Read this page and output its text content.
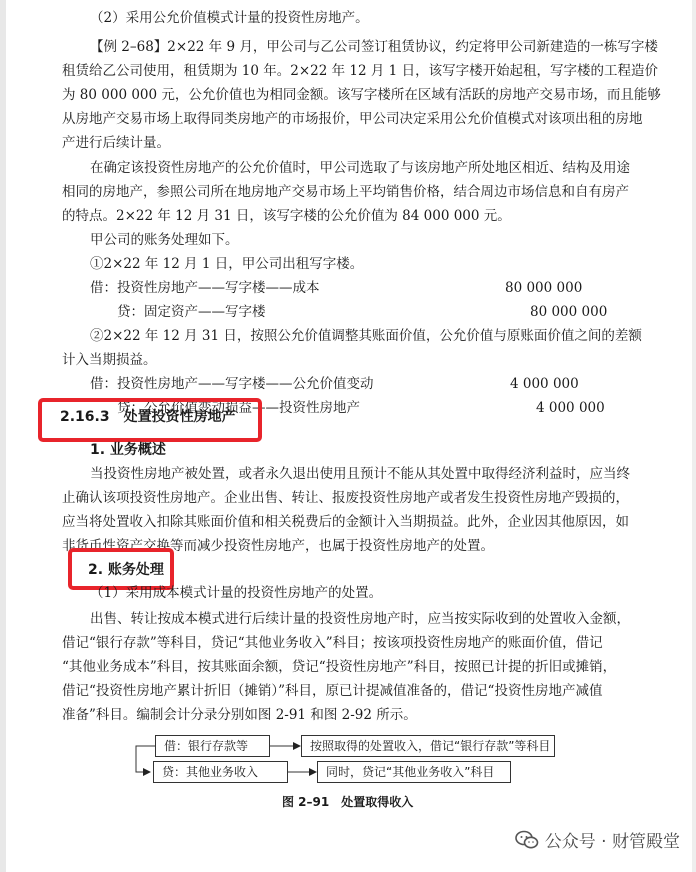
（2）采用公允价值模式计量的投资性房地产。
【例 2–68】2×22 年 9 月，甲公司与乙公司签订租赁协议，约定将甲公司新建造的一栋写字楼
租赁给乙公司使用，租赁期为 10 年。2×22 年 12 月 1 日，该写字楼开始起租，写字楼的工程造价
为 80 000 000 元，公允价值也为相同金额。该写字楼所在区域有活跃的房地产交易市场，而且能够
从房地产交易市场上取得同类房地产的市场报价，甲公司决定采用公允价值模式对该项出租的房地
产进行后续计量。
在确定该投资性房地产的公允价值时，甲公司选取了与该房地产所处地区相近、结构及用途
相同的房地产，参照公司所在地房地产交易市场上平均销售价格，结合周边市场信息和自有房产
的特点。2×22 年 12 月 31 日，该写字楼的公允价值为 84 000 000 元。
甲公司的账务处理如下。
①2×22 年 12 月 1 日，甲公司出租写字楼。
借：投资性房地产——写字楼——成本	80 000 000
贷：固定资产——写字楼	80 000 000
②2×22 年 12 月 31 日，按照公允价值调整其账面价值，公允价值与原账面价值之间的差额
计入当期损益。
借：投资性房地产——写字楼——公允价值变动	4 000 000
贷：公允价值变动损益——投资性房地产	4 000 000
2.16.3　处置投资性房地产
1. 业务概述
当投资性房地产被处置，或者永久退出使用且预计不能从其处置中取得经济利益时，应当终
止确认该项投资性房地产。企业出售、转让、报废投资性房地产或者发生投资性房地产毁损的，
应当将处置收入扣除其账面价值和相关税费后的金额计入当期损益。此外，企业因其他原因，如
非货币性资产交换等而减少投资性房地产，也属于投资性房地产的处置。
2. 账务处理
（1）采用成本模式计量的投资性房地产的处置。
出售、转让按成本模式进行后续计量的投资性房地产时，应当按实际收到的处置收入金额，
借记“银行存款”等科目，贷记“其他业务收入”科目；按该项投资性房地产的账面价值，借记
“其他业务成本”科目，按其账面余额，贷记“投资性房地产”科目，按照已计提的折旧或摊销，
借记“投资性房地产累计折旧（摊销）”科目，原已计提减值准备的，借记“投资性房地产减值
准备”科目。编制会计分录分别如图 2-91 和图 2-92 所示。
借：银行存款等	按照取得的处置收入，借记“银行存款”等科目
贷：其他业务收入	同时，贷记“其他业务收入”科目
图 2–91　处置取得收入
公众号 · 财管殿堂
